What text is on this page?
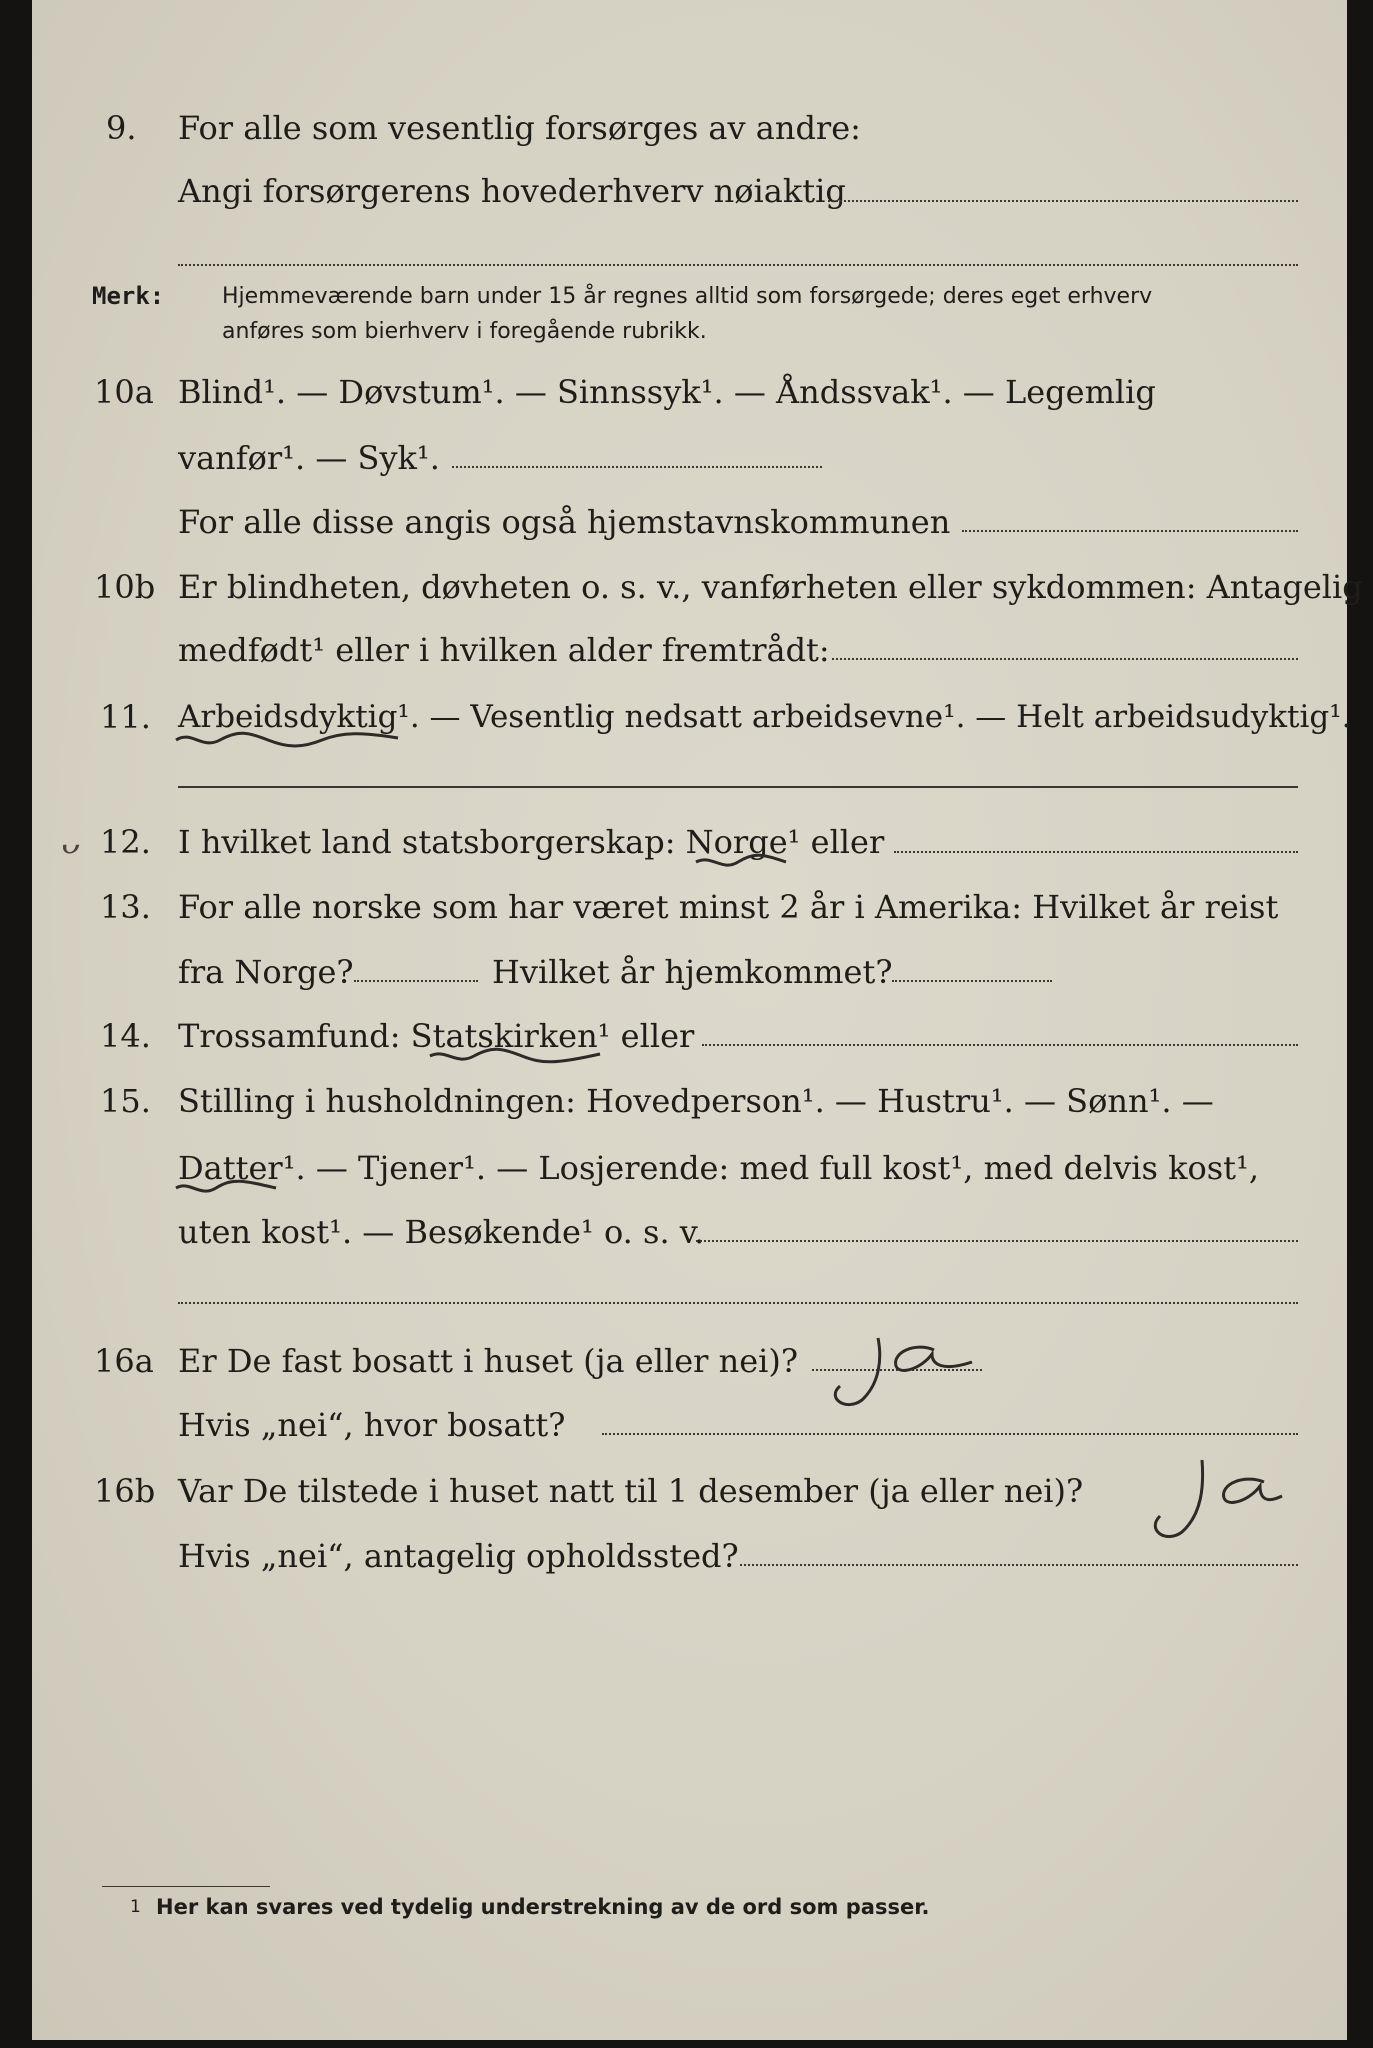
9. For alle som vesentlig forsørges av andre:
Angi forsørgerens hovederhverv nøiaktig
Merk:	Hjemmeværende barn under 15 år regnes alltid som forsørgede; deres eget erhverv
anføres som bierhverv i foregående rubrikk.
10a Blind¹. — Døvstum¹. — Sinnssyk¹. — Åndssvak¹. — Legemlig
vanfør¹. — Syk¹.
For alle disse angis også hjemstavnskommunen
10b Er blindheten, døvheten o. s. v., vanførheten eller sykdommen: Antagelig
medfødt¹ eller i hvilken alder fremtrådt:
11. Arbeidsdyktig¹. — Vesentlig nedsatt arbeidsevne¹. — Helt arbeidsudyktig¹.
ᴗ 12. I hvilket land statsborgerskap: Norge¹ eller
13. For alle norske som har været minst 2 år i Amerika: Hvilket år reist
fra Norge?	Hvilket år hjemkommet?
14. Trossamfund: Statskirken¹ eller
15. Stilling i husholdningen: Hovedperson¹. — Hustru¹. — Sønn¹. —
Datter¹. — Tjener¹. — Losjerende: med full kost¹, med delvis kost¹,
uten kost¹. — Besøkende¹ o. s. v.
16a Er De fast bosatt i huset (ja eller nei)?
Hvis „nei“, hvor bosatt?
16b Var De tilstede i huset natt til 1 desember (ja eller nei)?
Hvis „nei“, antagelig opholdssted?
1 Her kan svares ved tydelig understrekning av de ord som passer.
